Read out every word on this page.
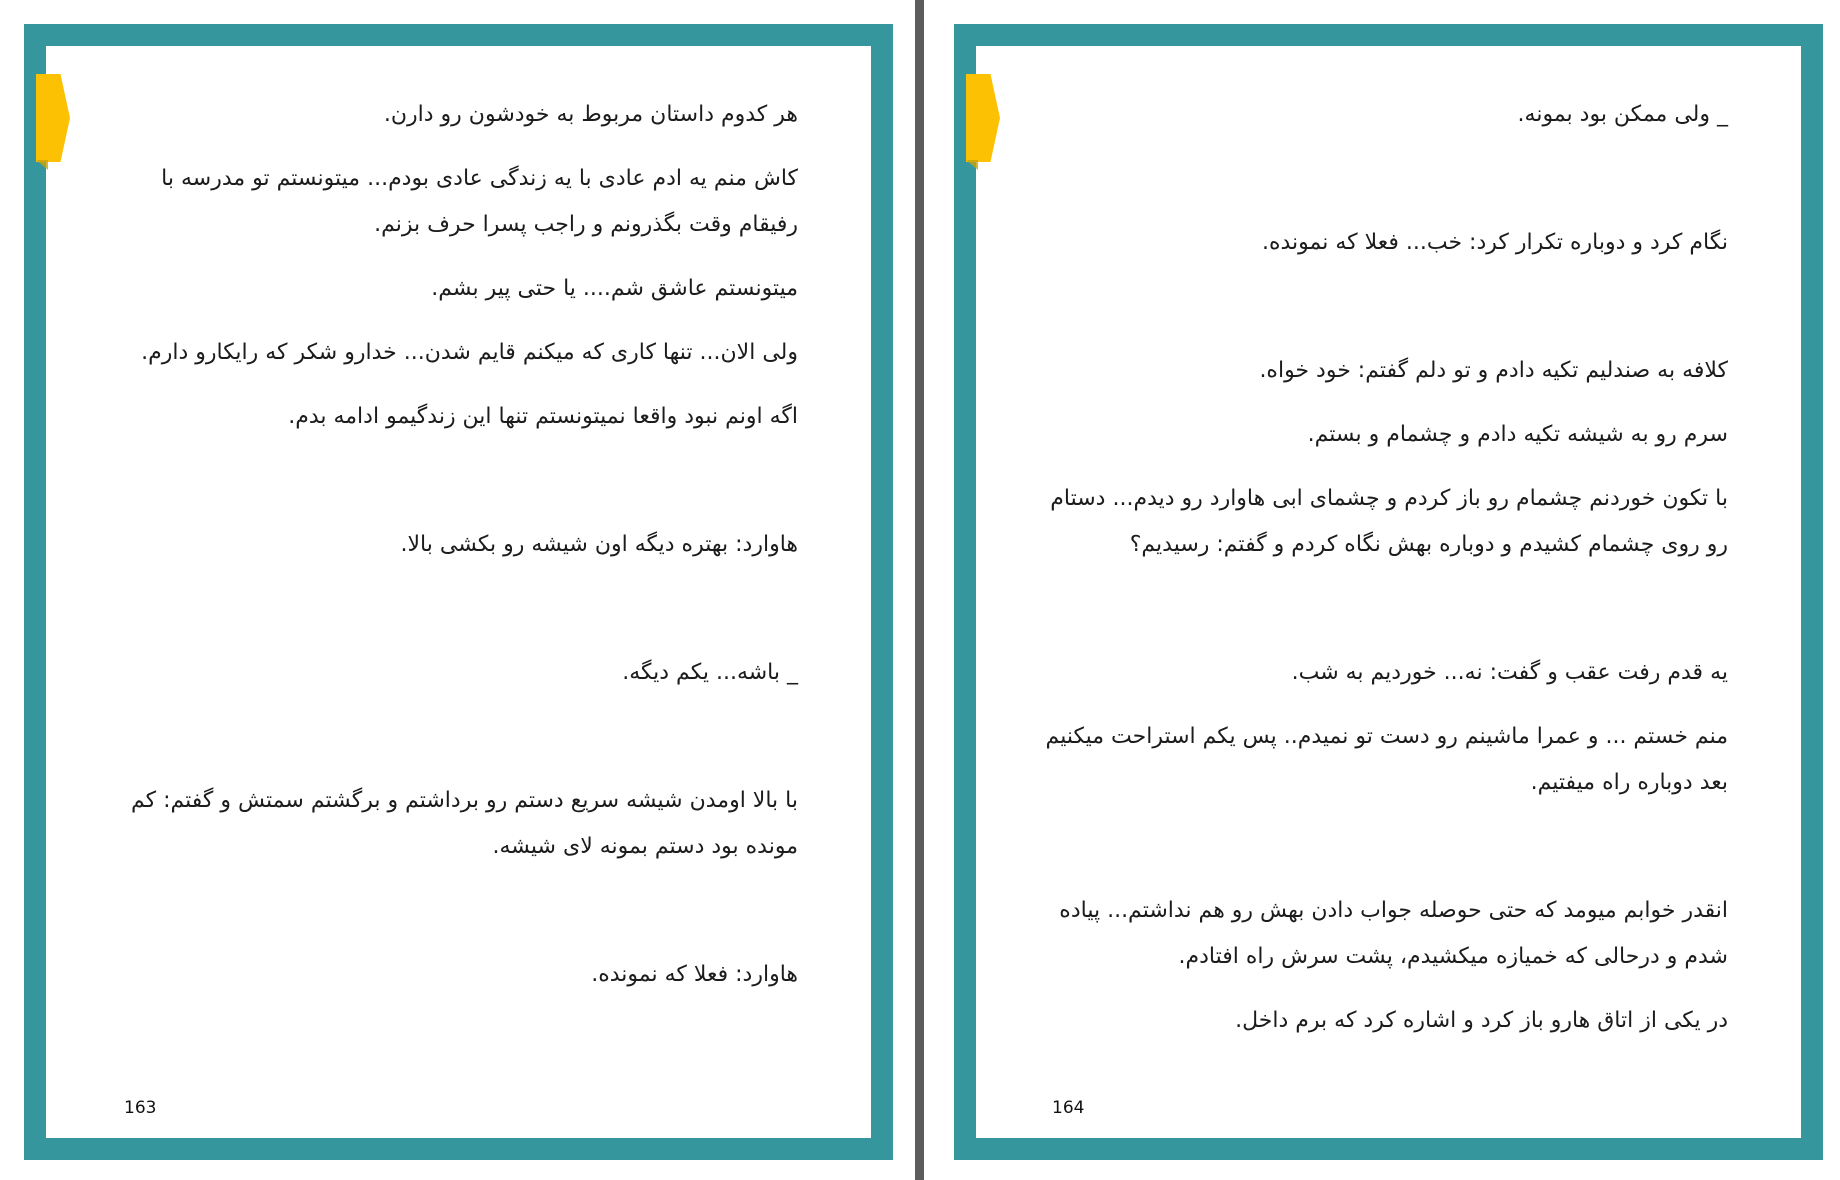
هر کدوم داستان مربوط به خودشون رو دارن.

کاش منم یه ادم عادی با یه زندگی عادی بودم... میتونستم تو مدرسه با رفیقام وقت بگذرونم و راجب پسرا حرف بزنم.

میتونستم عاشق شم.... یا حتی پیر بشم.

ولی الان... تنها کاری که میکنم قایم شدن... خدارو شکر که رایکارو دارم.

اگه اونم نبود واقعا نمیتونستم تنها این زندگیمو ادامه بدم.

هاوارد: بهتره دیگه اون شیشه رو بکشی بالا.

_ باشه... یکم دیگه.

با بالا اومدن شیشه سریع دستم رو برداشتم و برگشتم سمتش و گفتم: کم مونده بود دستم بمونه لای شیشه.

هاوارد: فعلا که نمونده.

163

_ ولی ممکن بود بمونه.

نگام کرد و دوباره تکرار کرد: خب... فعلا که نمونده.

کلافه به صندلیم تکیه دادم و تو دلم گفتم: خود خواه.

سرم رو به شیشه تکیه دادم و چشمام و بستم.

با تکون خوردنم چشمام رو باز کردم و چشمای ابی هاوارد رو دیدم... دستام رو روی چشمام کشیدم و دوباره بهش نگاه کردم و گفتم: رسیدیم؟

یه قدم رفت عقب و گفت: نه... خوردیم به شب.

منم خستم ... و عمرا ماشینم رو دست تو نمیدم.. پس یکم استراحت میکنیم بعد دوباره راه میفتیم.

انقدر خوابم میومد که حتی حوصله جواب دادن بهش رو هم نداشتم... پیاده شدم و درحالی که خمیازه میکشیدم، پشت سرش راه افتادم.

در یکی از اتاق هارو باز کرد و اشاره کرد که برم داخل.

164
